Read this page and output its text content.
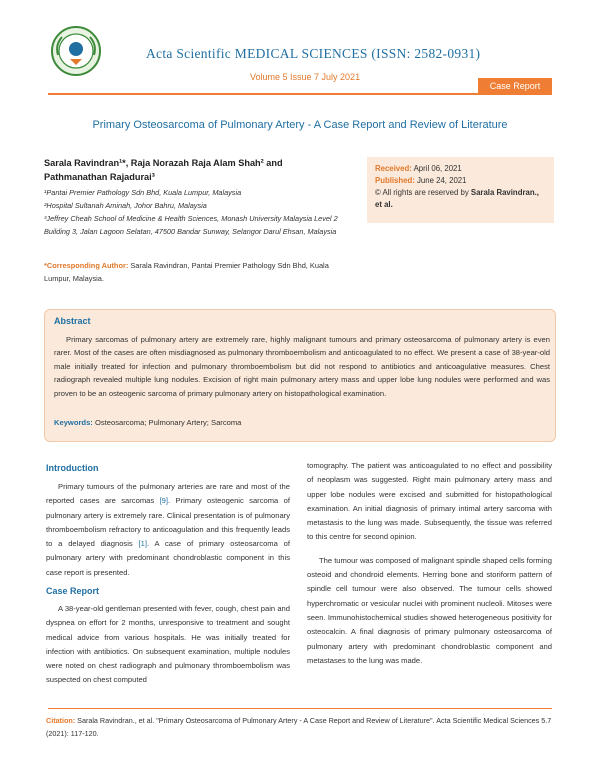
Acta Scientific MEDICAL SCIENCES (ISSN: 2582-0931)
Volume 5 Issue 7 July 2021
Case Report
Primary Osteosarcoma of Pulmonary Artery - A Case Report and Review of Literature
Sarala Ravindran¹*, Raja Norazah Raja Alam Shah² and
Pathmanathan Rajadurai³
¹Pantai Premier Pathology Sdn Bhd, Kuala Lumpur, Malaysia
²Hospital Sultanah Aminah, Johor Bahru, Malaysia
³Jeffrey Cheah School of Medicine & Health Sciences, Monash University Malaysia Level 2 Building 3, Jalan Lagoon Selatan, 47500 Bandar Sunway, Selangor Darul Ehsan, Malaysia
*Corresponding Author: Sarala Ravindran, Pantai Premier Pathology Sdn Bhd, Kuala Lumpur, Malaysia.
Received: April 06, 2021
Published: June 24, 2021
© All rights are reserved by Sarala Ravindran., et al.
Abstract
Primary sarcomas of pulmonary artery are extremely rare, highly malignant tumours and primary osteosarcoma of pulmonary artery is even rarer. Most of the cases are often misdiagnosed as pulmonary thromboembolism and anticoagulated to no effect. We present a case of 38-year-old male initially treated for infection and pulmonary thromboembolism but did not respond to antibiotics and anticoagulative measures. Chest radiograph revealed multiple lung nodules. Excision of right main pulmonary artery mass and upper lobe lung nodules were performed and was proven to be an osteogenic sarcoma of primary pulmonary artery on histopathological examination.
Keywords: Osteosarcoma; Pulmonary Artery; Sarcoma
Introduction

Primary tumours of the pulmonary arteries are rare and most of the reported cases are sarcomas [9]. Primary osteogenic sarcoma of pulmonary artery is extremely rare. Clinical presentation is of pulmonary thromboembolism refractory to anticoagulation and this frequently leads to a delayed diagnosis [1]. A case of primary osteosarcoma of pulmonary artery with predominant chondroblastic component in this case report is presented.

Case Report

A 38-year-old gentleman presented with fever, cough, chest pain and dyspnea on effort for 2 months, unresponsive to treatment and sought medical advice from various hospitals. He was initially treated for infection with antibiotics. On subsequent examination, multiple nodules were noted on chest radiograph and pulmonary thromboembolism was suspected on chest computed

tomography. The patient was anticoagulated to no effect and possibility of neoplasm was suggested. Right main pulmonary artery mass and upper lobe nodules were excised and submitted for histopathological examination. An initial diagnosis of primary intimal artery sarcoma with metastasis to the lung was made. Subsequently, the tissue was referred to this centre for second opinion.

The tumour was composed of malignant spindle shaped cells forming osteoid and chondroid elements. Herring bone and storiform pattern of spindle cell tumour were also observed. The tumour cells showed hyperchromatic or vesicular nuclei with prominent nucleoli. Mitoses were seen. Immunohistochemical studies showed heterogeneous positivity for osteocalcin. A final diagnosis of primary pulmonary osteosarcoma of pulmonary artery with predominant chondroblastic component and metastases to the lung was made.

Citation: Sarala Ravindran., et al. "Primary Osteosarcoma of Pulmonary Artery - A Case Report and Review of Literature". Acta Scientific Medical Sciences 5.7 (2021): 117-120.
